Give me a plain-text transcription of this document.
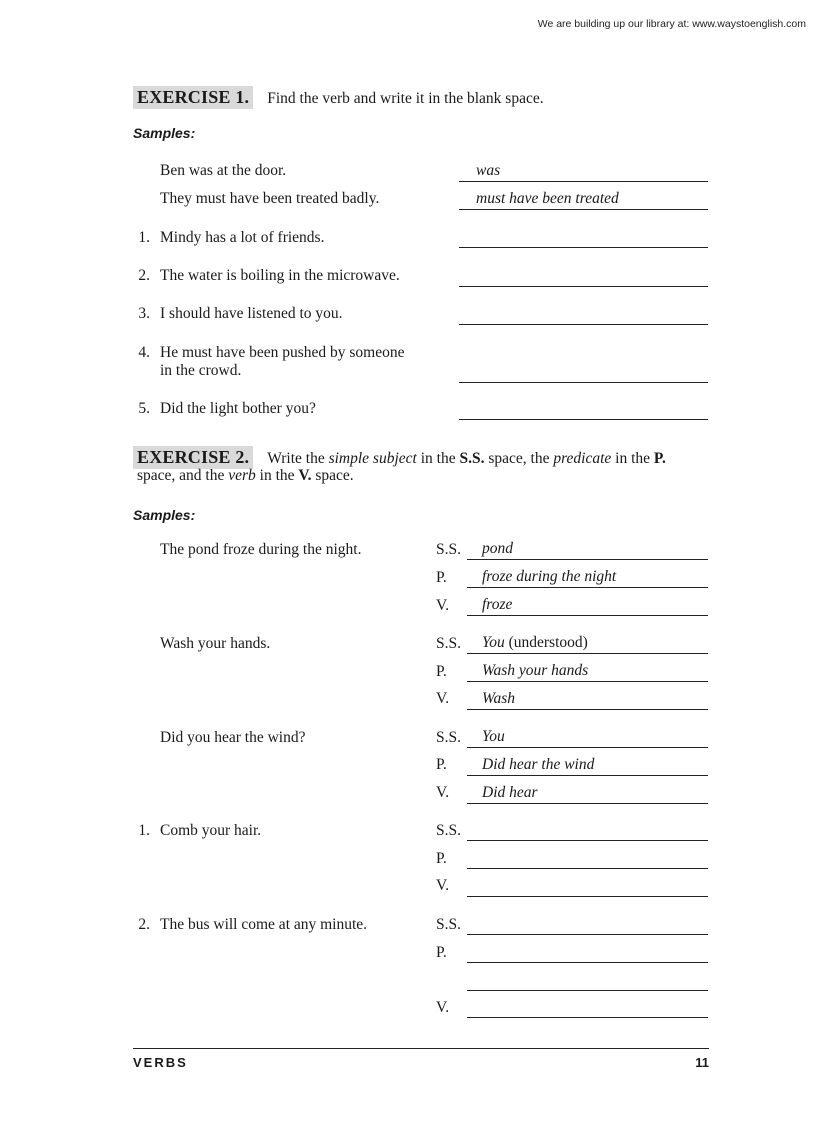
We are building up our library at: www.waystoenglish.com
EXERCISE 1. Find the verb and write it in the blank space.
Samples:
Ben was at the door.	was
They must have been treated badly.	must have been treated
1. Mindy has a lot of friends.
2. The water is boiling in the microwave.
3. I should have listened to you.
4. He must have been pushed by someone
in the crowd.
5. Did the light bother you?
EXERCISE 2. Write the simple subject in the S.S. space, the predicate in the P.
space, and the verb in the V. space.
Samples:
The pond froze during the night.	S.S. pond
P. froze during the night
V. froze
Wash your hands.	S.S. You (understood)
P. Wash your hands
V. Wash
Did you hear the wind?	S.S. You
P. Did hear the wind
V. Did hear
1. Comb your hair.	S.S.
P.
V.
2. The bus will come at any minute.	S.S.
P.
V.
VERBS	11
